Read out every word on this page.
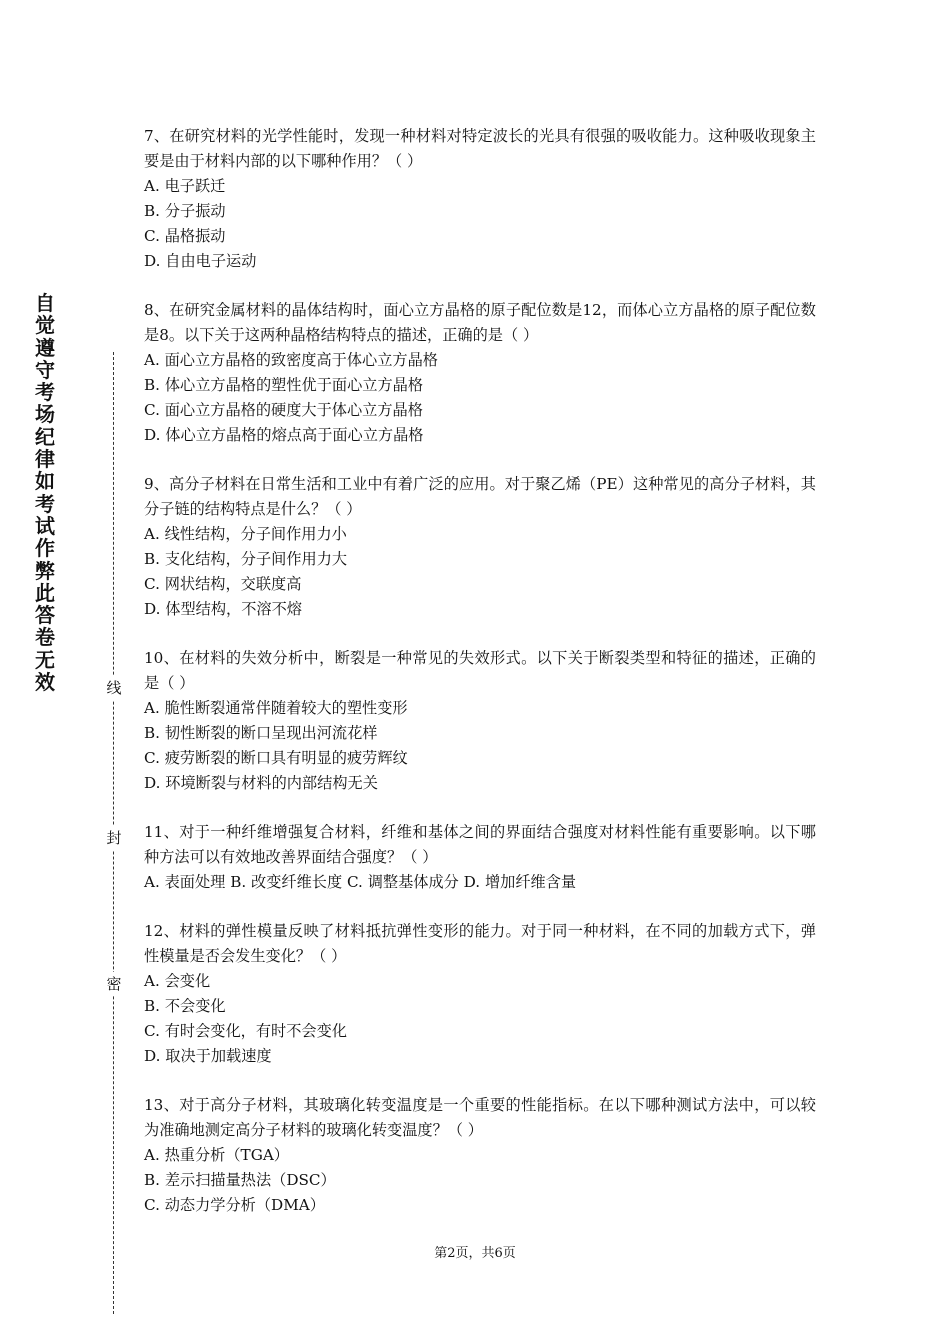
自
觉
遵
守
考
场
纪
律
如
考
试
作
弊
此
答
卷
无
效	线
封
密
7、在研究材料的光学性能时，发现一种材料对特定波长的光具有很强的吸收能力。这种吸收现象主要是由于材料内部的以下哪种作用？（ ）
A. 电子跃迁
B. 分子振动
C. 晶格振动
D. 自由电子运动
8、在研究金属材料的晶体结构时，面心立方晶格的原子配位数是12，而体心立方晶格的原子配位数是8。以下关于这两种晶格结构特点的描述，正确的是（ ）
A. 面心立方晶格的致密度高于体心立方晶格
B. 体心立方晶格的塑性优于面心立方晶格
C. 面心立方晶格的硬度大于体心立方晶格
D. 体心立方晶格的熔点高于面心立方晶格
9、高分子材料在日常生活和工业中有着广泛的应用。对于聚乙烯（PE）这种常见的高分子材料，其分子链的结构特点是什么？（ ）
A. 线性结构，分子间作用力小
B. 支化结构，分子间作用力大
C. 网状结构，交联度高
D. 体型结构，不溶不熔
10、在材料的失效分析中，断裂是一种常见的失效形式。以下关于断裂类型和特征的描述，正确的是（ ）
A. 脆性断裂通常伴随着较大的塑性变形
B. 韧性断裂的断口呈现出河流花样
C. 疲劳断裂的断口具有明显的疲劳辉纹
D. 环境断裂与材料的内部结构无关
11、对于一种纤维增强复合材料，纤维和基体之间的界面结合强度对材料性能有重要影响。以下哪种方法可以有效地改善界面结合强度？（ ）
A. 表面处理 B. 改变纤维长度 C. 调整基体成分 D. 增加纤维含量
12、材料的弹性模量反映了材料抵抗弹性变形的能力。对于同一种材料，在不同的加载方式下，弹性模量是否会发生变化？（ ）
A. 会变化
B. 不会变化
C. 有时会变化，有时不会变化
D. 取决于加载速度
13、对于高分子材料，其玻璃化转变温度是一个重要的性能指标。在以下哪种测试方法中，可以较为准确地测定高分子材料的玻璃化转变温度？（ ）
A. 热重分析（TGA）
B. 差示扫描量热法（DSC）
C. 动态力学分析（DMA）
第2页，共6页
